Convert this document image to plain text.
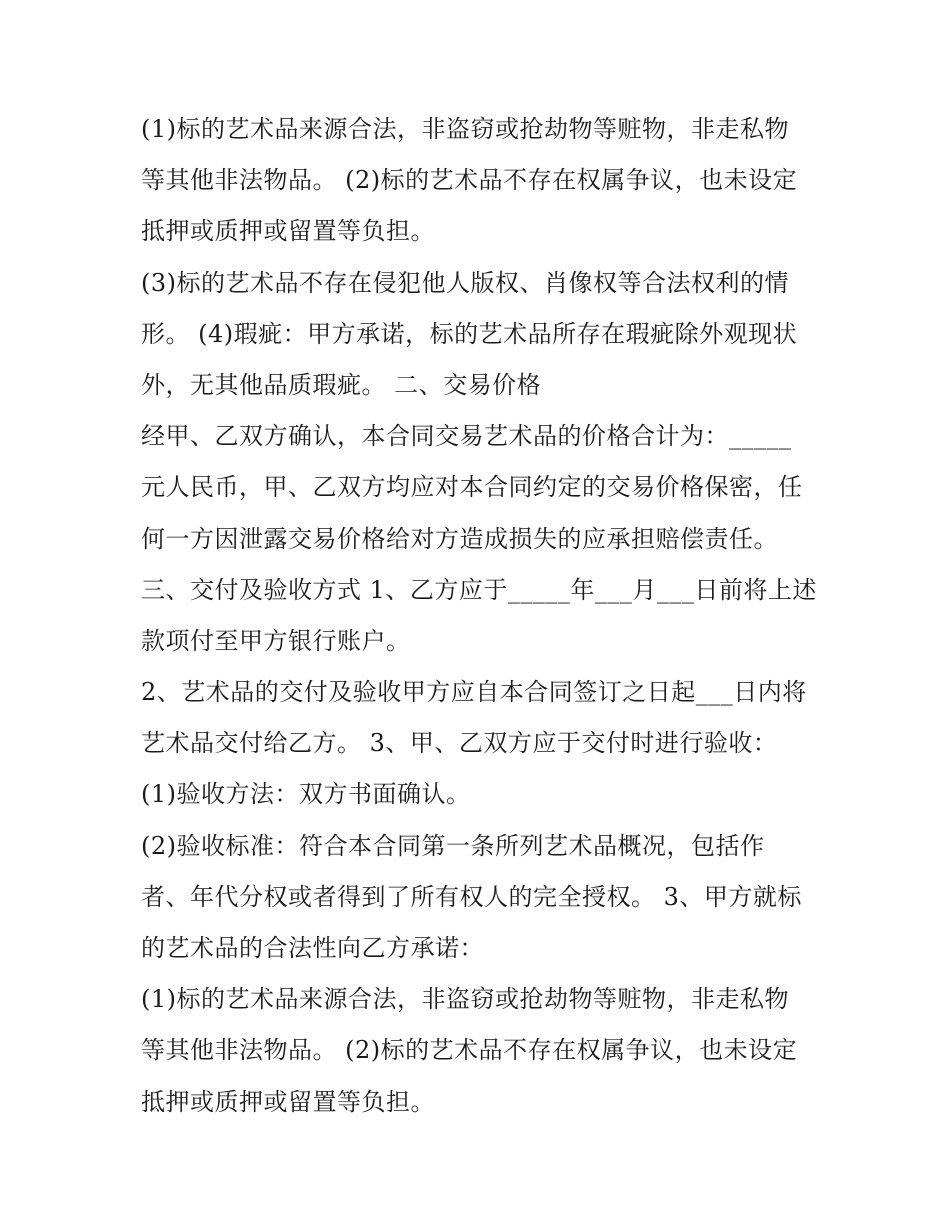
(1)标的艺术品来源合法，非盗窃或抢劫物等赃物，非走私物
等其他非法物品。 (2)标的艺术品不存在权属争议，也未设定
抵押或质押或留置等负担。
(3)标的艺术品不存在侵犯他人版权、肖像权等合法权利的情
形。 (4)瑕疵：甲方承诺，标的艺术品所存在瑕疵除外观现状
外，无其他品质瑕疵。 二、交易价格
经甲、乙双方确认，本合同交易艺术品的价格合计为：_____
元人民币，甲、乙双方均应对本合同约定的交易价格保密，任
何一方因泄露交易价格给对方造成损失的应承担赔偿责任。
三、交付及验收方式 1、乙方应于_____年___月___日前将上述
款项付至甲方银行账户。
2、艺术品的交付及验收甲方应自本合同签订之日起___日内将
艺术品交付给乙方。 3、甲、乙双方应于交付时进行验收：
(1)验收方法：双方书面确认。
(2)验收标准：符合本合同第一条所列艺术品概况，包括作
者、年代分权或者得到了所有权人的完全授权。 3、甲方就标
的艺术品的合法性向乙方承诺：
(1)标的艺术品来源合法，非盗窃或抢劫物等赃物，非走私物
等其他非法物品。 (2)标的艺术品不存在权属争议，也未设定
抵押或质押或留置等负担。
